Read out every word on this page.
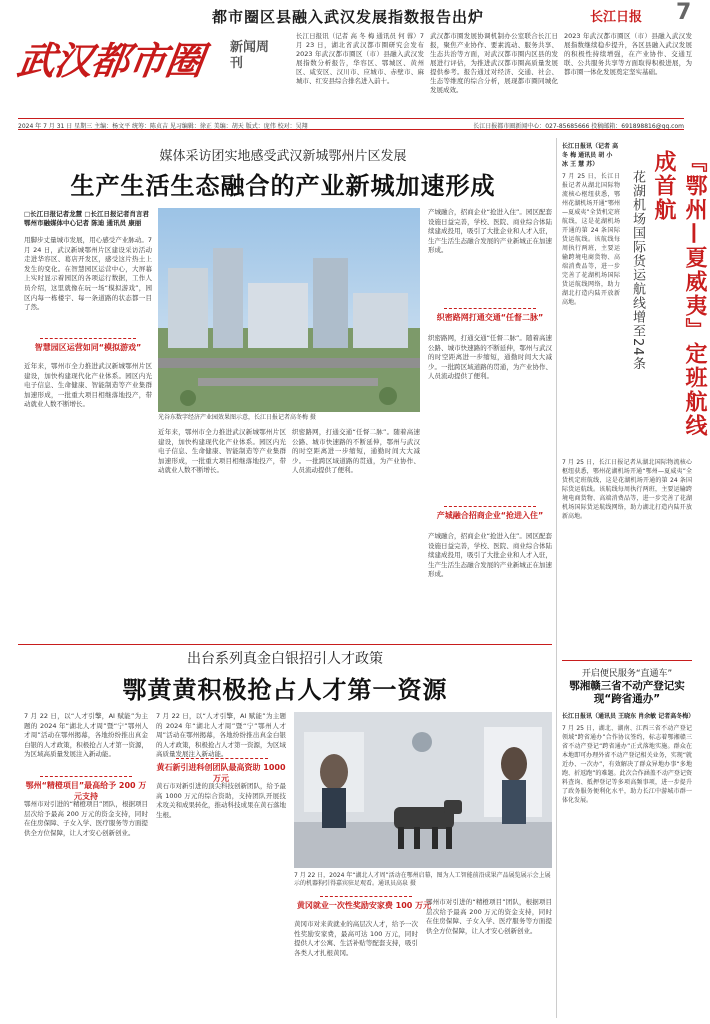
都市圈区县融入武汉发展指数报告出炉	长江日报 7
武汉都市圈	新闻周刊
长江日报讯（记者 高 冬 梅 通讯员 何 蓉）7 月 23 日，湖北省武汉都市圈研究会发布 2023 年武汉都市圈区（市）县融入武汉发展指数分析报告，华容区、鄂城区、黄州区、咸安区、汉川市、应城市、赤壁市、麻城市、红安县综合排名进入前十。
武汉都市圈发展协调机制办公室联合长江日报，聚焦产业协作、要素流动、服务共享、生态共治等方面，对武汉都市圈内区县的发展进行评估，为推进武汉都市圈高质量发展提供参考。报告通过对经济、交通、社会、生态等维度的综合分析，展现都市圈同城化发展成效。
2023 年武汉都市圈区（市）县融入武汉发展指数继续稳步提升，各区县融入武汉发展的积极性持续增强，在产业协作、交通互联、公共服务共享等方面取得积极进展，为都市圈一体化发展奠定坚实基础。
2024 年 7 月 31 日 星期三 主编：杨文平 统筹：陈贞吉 见习编辑：徐正 美编：胡天 版式：庞伟 校对：吴翔	长江日报都市圈新闻中心：027-85685666 投稿邮箱：691898816@qq.com
媒体采访团实地感受武汉新城鄂州片区发展
生产生活生态融合的产业新城加速形成
□长江日报记者龙慧 □长江日报记者肖言君
鄂州市融媒体中心记者 陈迪 通讯员 康丽
用脚步丈量城市发展，用心感受产业脉动。7 月 24 日，武汉新城鄂州片区建设采访活动走进华容区、葛店开发区，感受这片热土上发生的变化。在智慧园区运营中心，大屏幕上实时显示着园区的各项运行数据，工作人员介绍，这里就像在玩一场“模拟游戏”，园区内每一栋楼宇、每一条道路的状态都一目了然。
智慧园区运营如同“模拟游戏”
近年来，鄂州市全力推进武汉新城鄂州片区建设，加快构建现代化产业体系。园区内光电子信息、生命健康、智能制造等产业集群加速形成，一批重大项目相继落地投产，带动就业人数不断增长。
光谷东数字经济产业园效果图示意，长江日报记者高冬梅 摄
近年来，鄂州市全力推进武汉新城鄂州片区建设，加快构建现代化产业体系。园区内光电子信息、生命健康、智能制造等产业集群加速形成，一批重大项目相继落地投产，带动就业人数不断增长。
织密路网，打通交通“任督二脉”。随着高速公路、城市快速路的不断延伸，鄂州与武汉的时空距离进一步缩短，通勤时间大大减少。一批跨区域道路的贯通，为产业协作、人员流动提供了便利。
产城融合，招商企业“抢进入住”。园区配套设施日益完善，学校、医院、商业综合体陆续建成投用，吸引了大批企业和人才入驻，生产生活生态融合发展的产业新城正在加速形成。
织密路网打通交通“任督二脉”
织密路网，打通交通“任督二脉”。随着高速公路、城市快速路的不断延伸，鄂州与武汉的时空距离进一步缩短，通勤时间大大减少。一批跨区域道路的贯通，为产业协作、人员流动提供了便利。
产城融合招商企业“抢进入住”
产城融合，招商企业“抢进入住”。园区配套设施日益完善，学校、医院、商业综合体陆续建成投用，吸引了大批企业和人才入驻，生产生活生态融合发展的产业新城正在加速形成。
『鄂州—夏威夷』定班航线成首航
花湖机场国际货运航线增至24条
长江日报讯（记者 高 冬 梅 通讯员 胡 小 冰 王 慧 苏）
7 月 25 日，长江日报记者从湖北国际物流核心枢纽获悉，鄂州花湖机场开通“鄂州—夏威夷”全货机定班航线，这是花湖机场开通的第 24 条国际货运航线。该航线每周执行两班，主要运输跨境电商货物、高端消费品等，进一步完善了花湖机场国际货运航线网络，助力湖北打造内陆开放新高地。
7 月 25 日，长江日报记者从湖北国际物流核心枢纽获悉，鄂州花湖机场开通“鄂州—夏威夷”全货机定班航线，这是花湖机场开通的第 24 条国际货运航线。该航线每周执行两班，主要运输跨境电商货物、高端消费品等，进一步完善了花湖机场国际货运航线网络，助力湖北打造内陆开放新高地。
开启便民服务“直通车”
鄂湘赣三省不动产登记实现“跨省通办”
长江日报讯（通讯员 王晓东 肖余敏 记者高冬梅）
7 月 25 日，湖北、湖南、江西三省不动产登记领域“跨省通办”合作协议签约，标志着鄂湘赣三省不动产登记“跨省通办”正式落地实施。群众在本地即可办理外省不动产登记相关业务，实现“就近办、一次办”，有效解决了群众异地办事“多地跑、折返跑”的难题。此次合作涵盖不动产登记资料查询、抵押登记等多项高频事项，进一步提升了政务服务便利化水平，助力长江中游城市群一体化发展。
出台系列真金白银招引人才政策
鄂黄黄积极抢占人才第一资源
7 月 22 日，以“人才引擎，AI 赋能”为主题的 2024 年“湖北人才周”暨“宁”鄂州人才周”活动在鄂州揭幕，各地纷纷推出真金白银的人才政策，积极抢占人才第一资源，为区域高质量发展注入新动能。
鄂州“精橙项目”最高给予 200 万元支持
鄂州市对引进的“精橙项目”团队，根据项目层次给予最高 200 万元的资金支持，同时在住房保障、子女入学、医疗服务等方面提供全方位保障，让人才安心创新创业。
7 月 22 日，以“人才引擎，AI 赋能”为主题的 2024 年“湖北人才周”暨“宁”鄂州人才周”活动在鄂州揭幕，各地纷纷推出真金白银的人才政策，积极抢占人才第一资源，为区域高质量发展注入新动能。
黄石新引进科创团队最高资助 1000 万元
黄石市对新引进的顶尖科技创新团队，给予最高 1000 万元的综合资助，支持团队开展技术攻关和成果转化，推动科技成果在黄石落地生根。
7 月 22 日，2024 年“湖北人才周”活动在鄂州启幕，图为人工智能前沿成果产品展览展示会上展示的机器狗引得嘉宾驻足观看。通讯员高泉 摄
黄冈就业一次性奖励安家费 100 万元
黄冈市对来黄就业的高层次人才，给予一次性奖励安家费，最高可达 100 万元，同时提供人才公寓、生活补贴等配套支持，吸引各类人才扎根黄冈。
鄂州市对引进的“精橙项目”团队，根据项目层次给予最高 200 万元的资金支持，同时在住房保障、子女入学、医疗服务等方面提供全方位保障，让人才安心创新创业。
